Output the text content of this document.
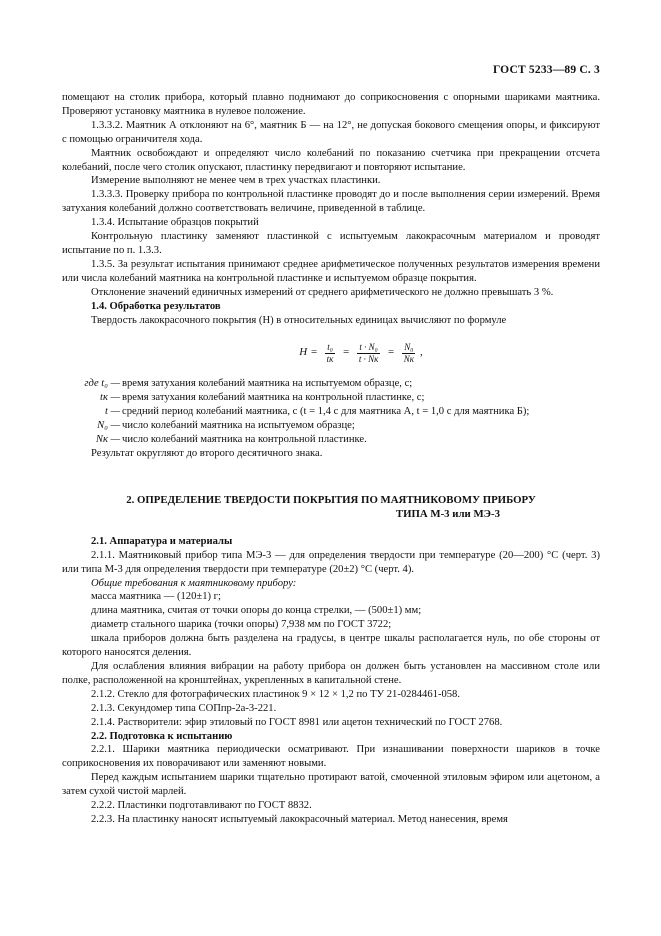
ГОСТ 5233—89 С. 3

помещают на столик прибора, который плавно поднимают до соприкосновения с опорными шариками маятника. Проверяют установку маятника в нулевое положение.

1.3.3.2. Маятник А отклоняют на 6°, маятник Б — на 12°, не допуская бокового смещения опоры, и фиксируют с помощью ограничителя хода.

Маятник освобождают и определяют число колебаний по показанию счетчика при прекращении отсчета колебаний, после чего столик опускают, пластинку передвигают и повторяют испытание.

Измерение выполняют не менее чем в трех участках пластинки.

1.3.3.3. Проверку прибора по контрольной пластинке проводят до и после выполнения серии измерений. Время затухания колебаний должно соответствовать величине, приведенной в таблице.

1.3.4. Испытание образцов покрытий

Контрольную пластинку заменяют пластинкой с испытуемым лакокрасочным материалом и проводят испытание по п. 1.3.3.

1.3.5. За результат испытания принимают среднее арифметическое полученных результатов измерения времени или числа колебаний маятника на контрольной пластинке и испытуемом образце покрытия.

Отклонение значений единичных измерений от среднего арифметического не должно превышать 3 %.

1.4. Обработка результатов

Твердость лакокрасочного покрытия (H) в относительных единицах вычисляют по формуле

$H = \frac{\text{t₀}}{tк} = \frac{\text{t · N₀}}{t \cdot Nк} = \frac{\text{N₀}}{Nк}$ ,
где t₀ — время затухания колебаний маятника на испытуемом образце, с;
tк — время затухания колебаний маятника на контрольной пластинке, с;
t — средний период колебаний маятника, с (t = 1,4 с для маятника А, t = 1,0 с для маятника Б);
N₀ — число колебаний маятника на испытуемом образце;
Nк — число колебаний маятника на контрольной пластинке.

Результат округляют до второго десятичного знака.

2. ОПРЕДЕЛЕНИЕ ТВЕРДОСТИ ПОКРЫТИЯ ПО МАЯТНИКОВОМУ ПРИБОРУ
ТИПА М-3 или МЭ-3

2.1. Аппаратура и материалы

2.1.1. Маятниковый прибор типа МЭ-3 — для определения твердости при температуре (20—200) °С (черт. 3) или типа М-3 для определения твердости при температуре (20±2) °С (черт. 4).

Общие требования к маятниковому прибору:

масса маятника — (120±1) г;

длина маятника, считая от точки опоры до конца стрелки, — (500±1) мм;

диаметр стального шарика (точки опоры) 7,938 мм по ГОСТ 3722;

шкала приборов должна быть разделена на градусы, в центре шкалы располагается нуль, по обе стороны от которого наносятся деления.

Для ослабления влияния вибрации на работу прибора он должен быть установлен на массивном столе или полке, расположенной на кронштейнах, укрепленных в капитальной стене.

2.1.2. Стекло для фотографических пластинок 9 × 12 × 1,2 по ТУ 21-0284461-058.

2.1.3. Секундомер типа СОПпр-2а-3-221.

2.1.4. Растворители: эфир этиловый по ГОСТ 8981 или ацетон технический по ГОСТ 2768.

2.2. Подготовка к испытанию

2.2.1. Шарики маятника периодически осматривают. При изнашивании поверхности шариков в точке соприкосновения их поворачивают или заменяют новыми.

Перед каждым испытанием шарики тщательно протирают ватой, смоченной этиловым эфиром или ацетоном, а затем сухой чистой марлей.

2.2.2. Пластинки подготавливают по ГОСТ 8832.

2.2.3. На пластинку наносят испытуемый лакокрасочный материал. Метод нанесения, время
